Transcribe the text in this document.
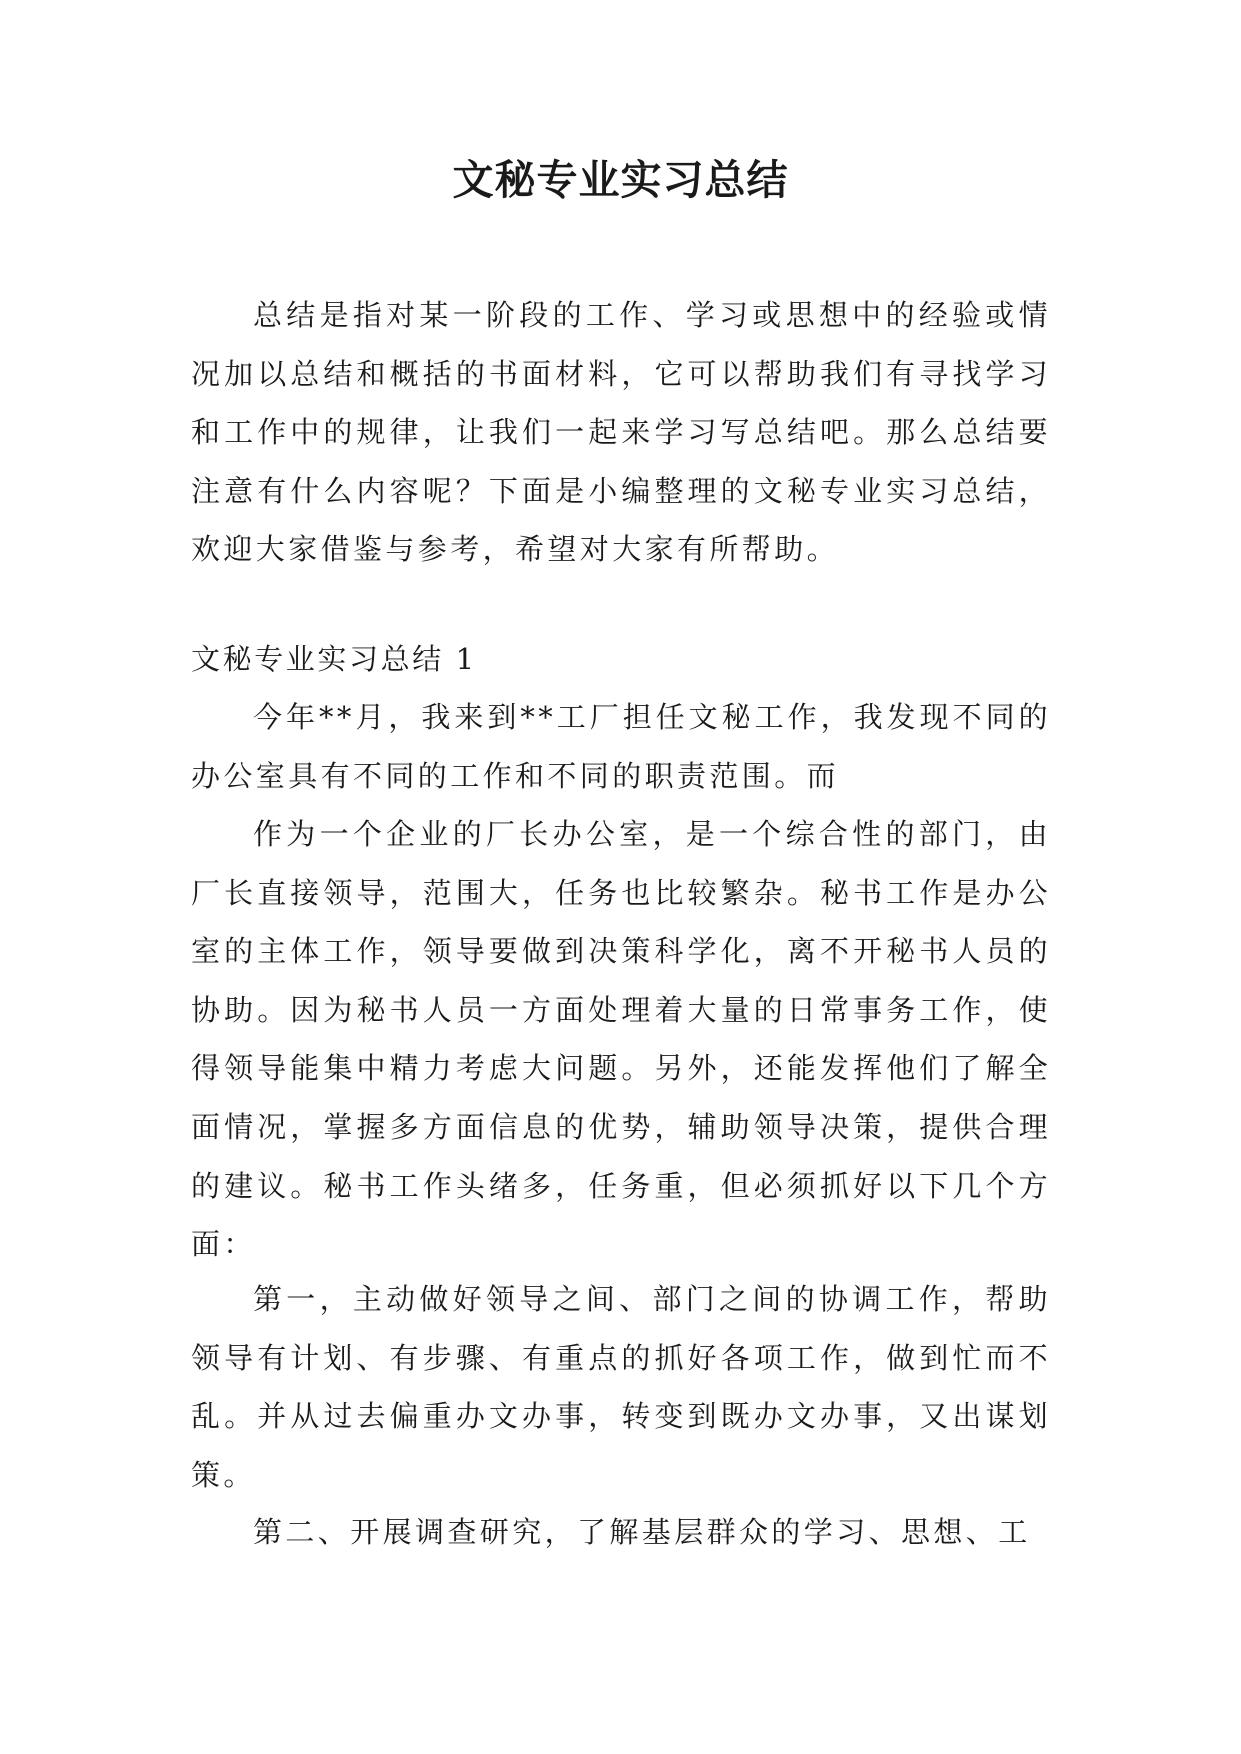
文秘专业实习总结

总结是指对某一阶段的工作、学习或思想中的经验或情况加以总结和概括的书面材料，它可以帮助我们有寻找学习和工作中的规律，让我们一起来学习写总结吧。那么总结要注意有什么内容呢？下面是小编整理的文秘专业实习总结，欢迎大家借鉴与参考，希望对大家有所帮助。

文秘专业实习总结 1

今年**月，我来到**工厂担任文秘工作，我发现不同的办公室具有不同的工作和不同的职责范围。而

作为一个企业的厂长办公室，是一个综合性的部门，由厂长直接领导，范围大，任务也比较繁杂。秘书工作是办公室的主体工作，领导要做到决策科学化，离不开秘书人员的协助。因为秘书人员一方面处理着大量的日常事务工作，使得领导能集中精力考虑大问题。另外，还能发挥他们了解全面情况，掌握多方面信息的优势，辅助领导决策，提供合理的建议。秘书工作头绪多，任务重，但必须抓好以下几个方面：

第一，主动做好领导之间、部门之间的协调工作，帮助领导有计划、有步骤、有重点的抓好各项工作，做到忙而不乱。并从过去偏重办文办事，转变到既办文办事，又出谋划策。

第二、开展调查研究，了解基层群众的学习、思想、工
